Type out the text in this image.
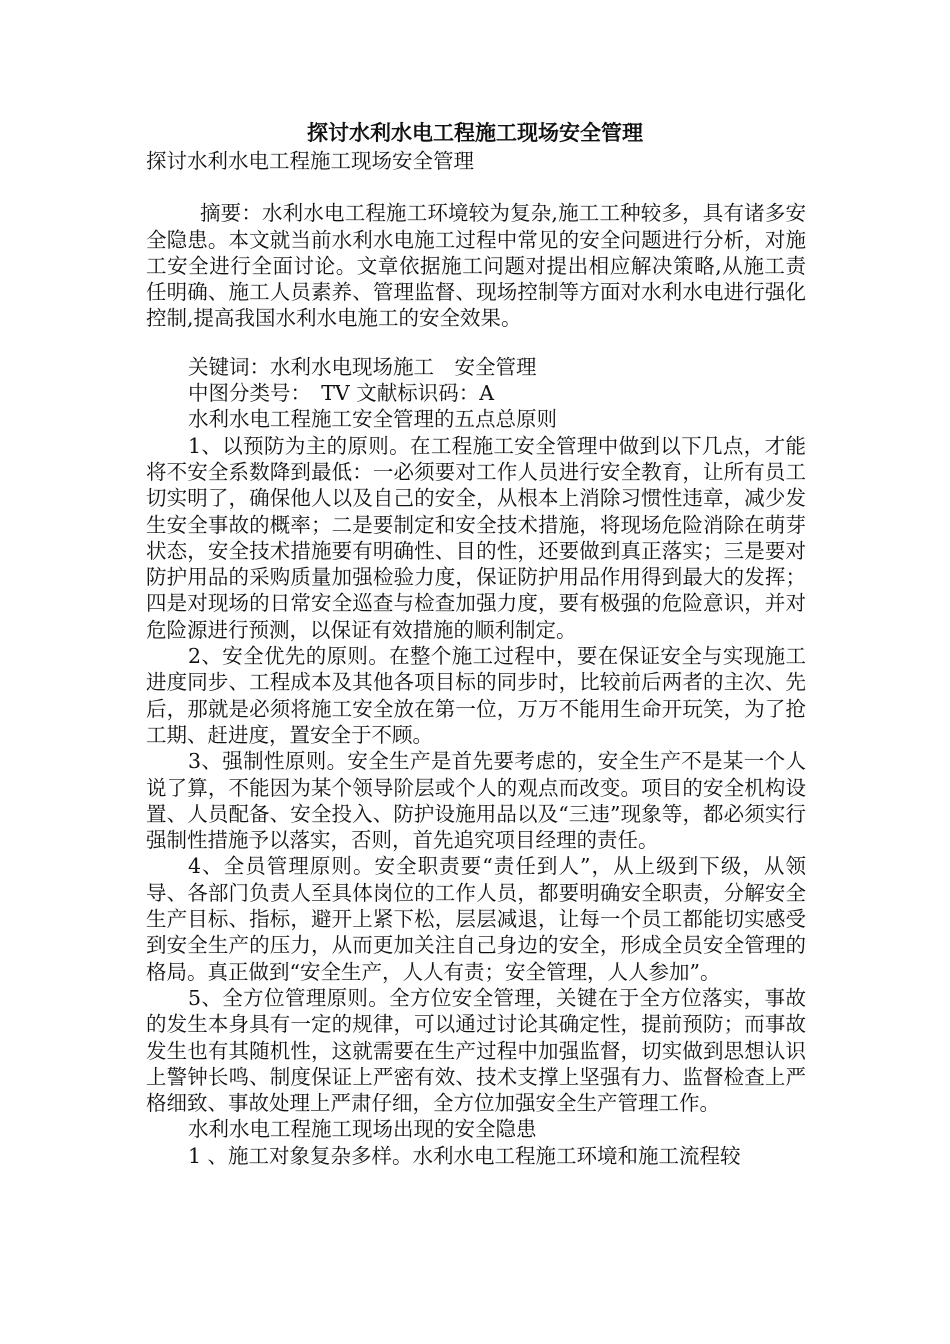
探讨水利水电工程施工现场安全管理

探讨水利水电工程施工现场安全管理

摘要：水利水电工程施工环境较为复杂,施工工种较多，具有诸多安全隐患。本文就当前水利水电施工过程中常见的安全问题进行分析，对施工安全进行全面讨论。文章依据施工问题对提出相应解决策略,从施工责任明确、施工人员素养、管理监督、现场控制等方面对水利水电进行强化控制,提高我国水利水电施工的安全效果。

关键词：水利水电现场施工　安全管理

中图分类号：　TV 文献标识码：A

水利水电工程施工安全管理的五点总原则

1、以预防为主的原则。在工程施工安全管理中做到以下几点，才能将不安全系数降到最低：一必须要对工作人员进行安全教育，让所有员工切实明了，确保他人以及自己的安全，从根本上消除习惯性违章，减少发生安全事故的概率；二是要制定和安全技术措施，将现场危险消除在萌芽状态，安全技术措施要有明确性、目的性，还要做到真正落实；三是要对防护用品的采购质量加强检验力度，保证防护用品作用得到最大的发挥；四是对现场的日常安全巡查与检查加强力度，要有极强的危险意识，并对危险源进行预测，以保证有效措施的顺利制定。

2、安全优先的原则。在整个施工过程中，要在保证安全与实现施工进度同步、工程成本及其他各项目标的同步时，比较前后两者的主次、先后，那就是必须将施工安全放在第一位，万万不能用生命开玩笑，为了抢工期、赶进度，置安全于不顾。

3、强制性原则。安全生产是首先要考虑的，安全生产不是某一个人说了算，不能因为某个领导阶层或个人的观点而改变。项目的安全机构设置、人员配备、安全投入、防护设施用品以及“三违”现象等，都必须实行强制性措施予以落实，否则，首先追究项目经理的责任。

4、全员管理原则。安全职责要“责任到人”，从上级到下级，从领导、各部门负责人至具体岗位的工作人员，都要明确安全职责，分解安全生产目标、指标，避开上紧下松，层层减退，让每一个员工都能切实感受到安全生产的压力，从而更加关注自己身边的安全，形成全员安全管理的格局。真正做到“安全生产，人人有责；安全管理，人人参加”。

5、全方位管理原则。全方位安全管理，关键在于全方位落实，事故的发生本身具有一定的规律，可以通过讨论其确定性，提前预防；而事故发生也有其随机性，这就需要在生产过程中加强监督，切实做到思想认识上警钟长鸣、制度保证上严密有效、技术支撑上坚强有力、监督检查上严格细致、事故处理上严肃仔细，全方位加强安全生产管理工作。

水利水电工程施工现场出现的安全隐患

1 、施工对象复杂多样。水利水电工程施工环境和施工流程较
